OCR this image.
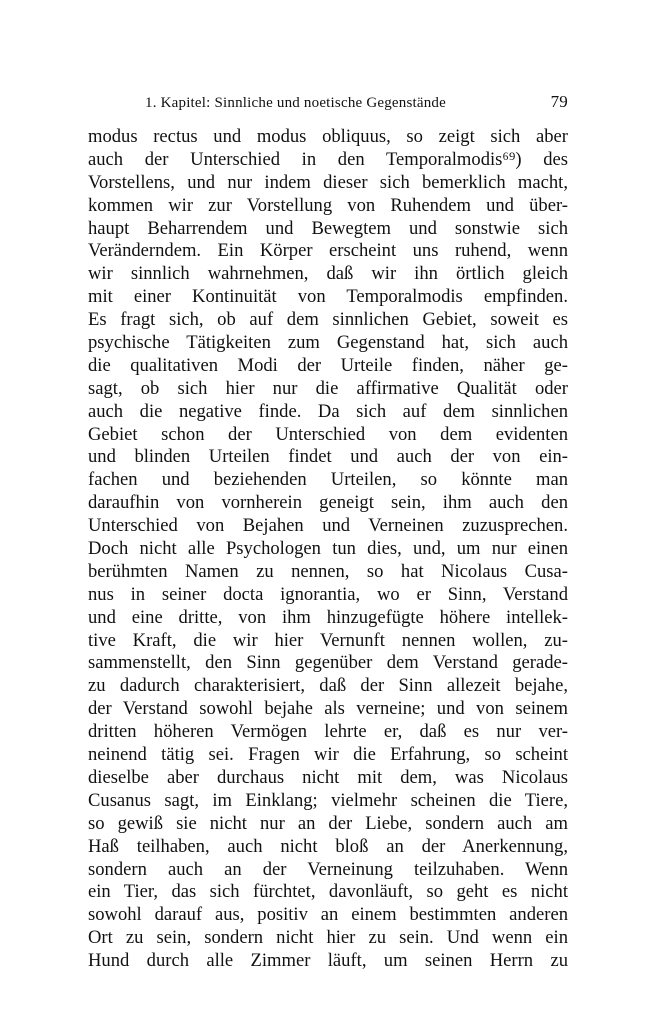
1. Kapitel: Sinnliche und noetische Gegenstände	79
modus rectus und modus obliquus, so zeigt sich aber
auch der Unterschied in den Temporalmodis⁶⁹) des
Vorstellens, und nur indem dieser sich bemerklich macht,
kommen wir zur Vorstellung von Ruhendem und über-
haupt Beharrendem und Bewegtem und sonstwie sich
Veränderndem. Ein Körper erscheint uns ruhend, wenn
wir sinnlich wahrnehmen, daß wir ihn örtlich gleich
mit einer Kontinuität von Temporalmodis empfinden.
Es fragt sich, ob auf dem sinnlichen Gebiet, soweit es
psychische Tätigkeiten zum Gegenstand hat, sich auch
die qualitativen Modi der Urteile finden, näher ge-
sagt, ob sich hier nur die affirmative Qualität oder
auch die negative finde. Da sich auf dem sinnlichen
Gebiet schon der Unterschied von dem evidenten
und blinden Urteilen findet und auch der von ein-
fachen und beziehenden Urteilen, so könnte man
daraufhin von vornherein geneigt sein, ihm auch den
Unterschied von Bejahen und Verneinen zuzusprechen.
Doch nicht alle Psychologen tun dies, und, um nur einen
berühmten Namen zu nennen, so hat Nicolaus Cusa-
nus in seiner docta ignorantia, wo er Sinn, Verstand
und eine dritte, von ihm hinzugefügte höhere intellek-
tive Kraft, die wir hier Vernunft nennen wollen, zu-
sammenstellt, den Sinn gegenüber dem Verstand gerade-
zu dadurch charakterisiert, daß der Sinn allezeit bejahe,
der Verstand sowohl bejahe als verneine; und von seinem
dritten höheren Vermögen lehrte er, daß es nur ver-
neinend tätig sei. Fragen wir die Erfahrung, so scheint
dieselbe aber durchaus nicht mit dem, was Nicolaus
Cusanus sagt, im Einklang; vielmehr scheinen die Tiere,
so gewiß sie nicht nur an der Liebe, sondern auch am
Haß teilhaben, auch nicht bloß an der Anerkennung,
sondern auch an der Verneinung teilzuhaben. Wenn
ein Tier, das sich fürchtet, davonläuft, so geht es nicht
sowohl darauf aus, positiv an einem bestimmten anderen
Ort zu sein, sondern nicht hier zu sein. Und wenn ein
Hund durch alle Zimmer läuft, um seinen Herrn zu
